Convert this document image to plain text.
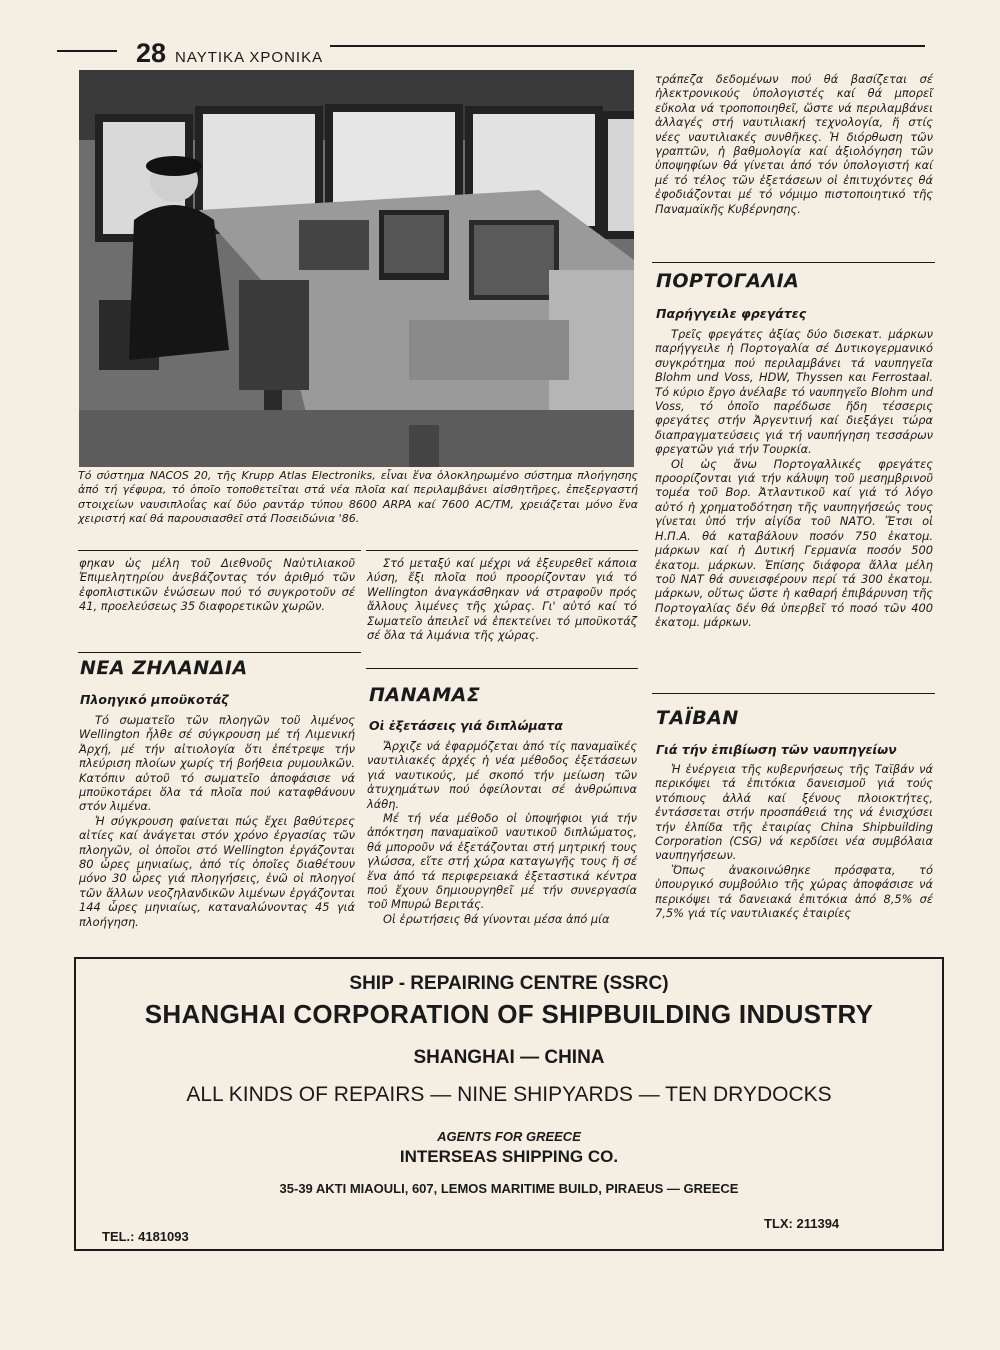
28 ΝΑΥΤΙΚΑ ΧΡΟΝΙΚΑ
Τό σύστημα NACOS 20, τῆς Krupp Atlas Electroniks, εἶναι ἕνα ὁλοκληρωμένο σύστημα πλοήγησης ἀπό τή γέφυρα, τό ὁποῖο τοποθετεῖται στά νέα πλοῖα καί περιλαμβάνει αἰσθητῆρες, ἐπεξεργαστή στοιχείων ναυσιπλοΐας καί δύο ραντάρ τύπου 8600 ARPA καί 7600 AC/TM, χρειάζεται μόνο ἕνα χειριστή καί θά παρουσιασθεῖ στά Ποσειδώνια '86.

φηκαν ὡς μέλη τοῦ Διεθνοῦς Ναὐτιλιακοῦ Ἐπιμελητηρίου ἀνεβάζοντας τόν ἀριθμό τῶν ἐφοπλιστικῶν ἑνώσεων πού τό συγκροτοῦν σέ 41, προελεύσεως 35 διαφορετικῶν χωρῶν.

ΝΕΑ ΖΗΛΑΝΔΙΑ
Πλοηγικό μποϋκοτάζ

Τό σωματεῖο τῶν πλοηγῶν τοῦ λιμένος Wellington ἦλθε σέ σύγκρουση μέ τή Λιμενική Ἀρχή, μέ τήν αἰτιολογία ὅτι ἐπέτρεψε τήν πλεύριση πλοίων χωρίς τή βοήθεια ρυμουλκῶν. Κατόπιν αὐτοῦ τό σωματεῖο ἀποφάσισε νά μποϋκοτάρει ὅλα τά πλοῖα πού καταφθάνουν στόν λιμένα.

Ἡ σύγκρουση φαίνεται πώς ἔχει βαθύτερες αἰτίες καί ἀνάγεται στόν χρόνο ἐργασίας τῶν πλοηγῶν, οἱ ὁποῖοι στό Wellington ἐργάζονται 80 ὧρες μηνιαίως, ἀπό τίς ὁποῖες διαθέτουν μόνο 30 ὧρες γιά πλοηγήσεις, ἐνῶ οἱ πλοηγοί τῶν ἄλλων νεοζηλανδικῶν λιμένων ἐργάζονται 144 ὧρες μηνιαίως, καταναλώνοντας 45 γιά πλοήγηση.

Στό μεταξύ καί μέχρι νά ἐξευρεθεῖ κάποια λύση, ἔξι πλοῖα πού προορίζονταν γιά τό Wellington ἀναγκάσθηκαν νά στραφοῦν πρός ἄλλους λιμένες τῆς χώρας. Γι' αὐτό καί τό Σωματεῖο ἀπειλεῖ νά ἐπεκτείνει τό μποϋκοτάζ σέ ὅλα τά λιμάνια τῆς χώρας.

ΠΑΝΑΜΑΣ
Οἱ ἐξετάσεις γιά διπλώματα

Ἄρχιζε νά ἐφαρμόζεται ἀπό τίς παναμαϊκές ναυτιλιακές ἀρχές ἡ νέα μέθοδος ἐξετάσεων γιά ναυτικούς, μέ σκοπό τήν μείωση τῶν ἀτυχημάτων πού ὀφείλονται σέ ἀνθρώπινα λάθη.

Μέ τή νέα μέθοδο οἱ ὑποψήφιοι γιά τήν ἀπόκτηση παναμαϊκοῦ ναυτικοῦ διπλώματος, θά μποροῦν νά ἐξετάζονται στή μητρική τους γλώσσα, εἴτε στή χώρα καταγωγῆς τους ἤ σέ ἕνα ἀπό τά περιφερειακά ἐξεταστικά κέντρα πού ἔχουν δημιουργηθεῖ μέ τήν συνεργασία τοῦ Μπυρώ Βεριτάς.

Οἱ ἐρωτήσεις θά γίνονται μέσα ἀπό μία

τράπεζα δεδομένων πού θά βασίζεται σέ ἠλεκτρονικούς ὑπολογιστές καί θά μπορεῖ εὔκολα νά τροποποιηθεῖ, ὥστε νά περιλαμβάνει ἀλλαγές στή ναυτιλιακή τεχνολογία, ἤ στίς νέες ναυτιλιακές συνθῆκες. Ἡ διόρθωση τῶν γραπτῶν, ἡ βαθμολογία καί ἀξιολόγηση τῶν ὑποψηφίων θά γίνεται ἀπό τόν ὑπολογιστή καί μέ τό τέλος τῶν ἐξετάσεων οἱ ἐπιτυχόντες θά ἐφοδιάζονται μέ τό νόμιμο πιστοποιητικό τῆς Παναμαϊκῆς Κυβέρνησης.

ΠΟΡΤΟΓΑΛΙΑ
Παρήγγειλε φρεγάτες

Τρεῖς φρεγάτες ἀξίας δύο δισεκατ. μάρκων παρήγγειλε ἡ Πορτογαλία σέ Δυτικογερμανικό συγκρότημα πού περιλαμβάνει τά ναυπηγεῖα Blohm und Voss, HDW, Thyssen και Ferrostaal. Τό κύριο ἔργο ἀνέλαβε τό ναυπηγεῖο Blohm und Voss, τό ὁποῖο παρέδωσε ἤδη τέσσερις φρεγάτες στήν Ἀργεντινή καί διεξάγει τώρα διαπραγματεύσεις γιά τή ναυπήγηση τεσσάρων φρεγατῶν γιά τήν Τουρκία.

Οἱ ὡς ἄνω Πορτογαλλικές φρεγάτες προορίζονται γιά τήν κάλυψη τοῦ μεσημβρινοῦ τομέα τοῦ Βορ. Ἀτλαντικοῦ καί γιά τό λόγο αὐτό ἡ χρηματοδότηση τῆς ναυπηγήσεώς τους γίνεται ὑπό τήν αἰγίδα τοῦ ΝΑΤΟ. Ἔτσι οἱ Η.Π.Α. θά καταβάλουν ποσόν 750 ἑκατομ. μάρκων καί ἡ Δυτική Γερμανία ποσόν 500 ἑκατομ. μάρκων. Ἐπίσης διάφορα ἄλλα μέλη τοῦ ΝΑΤ θά συνεισφέρουν περί τά 300 ἑκατομ. μάρκων, οὕτως ὥστε ἡ καθαρή ἐπιβάρυνση τῆς Πορτογαλίας δέν θά ὑπερβεῖ τό ποσό τῶν 400 ἑκατομ. μάρκων.

ΤΑΪΒΑΝ
Γιά τήν ἐπιβίωση τῶν ναυπηγείων

Ἡ ἐνέργεια τῆς κυβερνήσεως τῆς Ταϊβάν νά περικόψει τά ἐπιτόκια δανεισμοῦ γιά τούς ντόπιους ἀλλά καί ξένους πλοιοκτήτες, ἐντάσσεται στήν προσπάθειά της νά ἐνισχύσει τήν ἐλπίδα τῆς ἑταιρίας China Shipbuilding Corporation (CSG) νά κερδίσει νέα συμβόλαια ναυπηγήσεων.

Ὅπως ἀνακοινώθηκε πρόσφατα, τό ὑπουργικό συμβούλιο τῆς χώρας ἀποφάσισε νά περικόψει τά δανειακά ἐπιτόκια ἀπό 8,5% σέ 7,5% γιά τίς ναυτιλιακές ἑταιρίες

SHIP - REPAIRING CENTRE (SSRC)
SHANGHAI CORPORATION OF SHIPBUILDING INDUSTRY
SHANGHAI — CHINA
ALL KINDS OF REPAIRS — NINE SHIPYARDS — TEN DRYDOCKS
AGENTS FOR GREECE
INTERSEAS SHIPPING CO.
35-39 AKTI MIAOULI, 607, LEMOS MARITIME BUILD, PIRAEUS — GREECE
TEL.: 4181093
TLX: 211394
